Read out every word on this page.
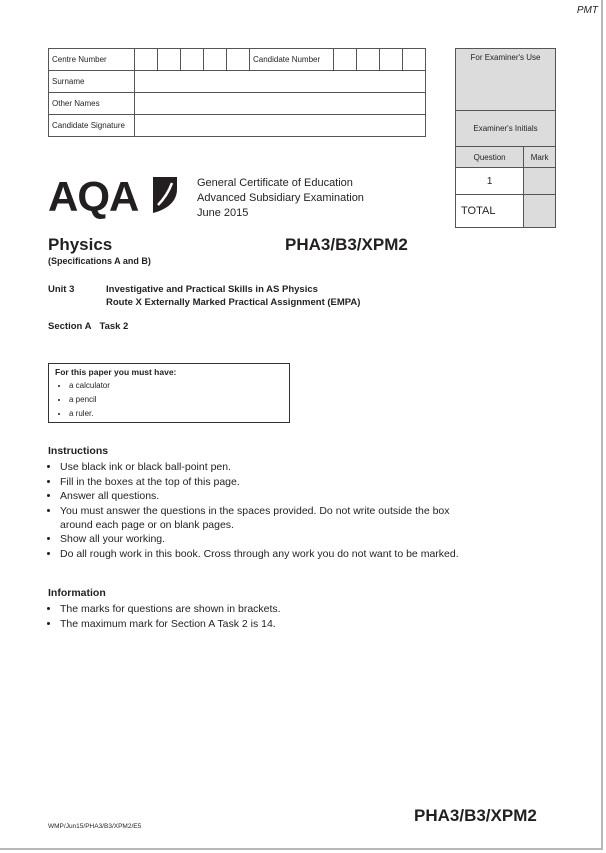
PMT
Centre Number						Candidate Number				
Surname										
Other Names										
Candidate Signature										
For Examiner's Use	
Examiner's Initials	
Question	Mark
1	
TOTAL	
AQA	General Certificate of Education
Advanced Subsidiary Examination
June 2015
Physics
(Specifications A and B)
PHA3/B3/XPM2
Unit 3	Investigative and Practical Skills in AS Physics
Route X Externally Marked Practical Assignment (EMPA)
Section A Task 2
For this paper you must have:
• a calculator
• a pencil
• a ruler.
Instructions
• Use black ink or black ball-point pen.
• Fill in the boxes at the top of this page.
• Answer all questions.
• You must answer the questions in the spaces provided. Do not write outside the box around each page or on blank pages.
• Show all your working.
• Do all rough work in this book. Cross through any work you do not want to be marked.
Information
• The marks for questions are shown in brackets.
• The maximum mark for Section A Task 2 is 14.
WMP/Jun15/PHA3/B3/XPM2/E5
PHA3/B3/XPM2
